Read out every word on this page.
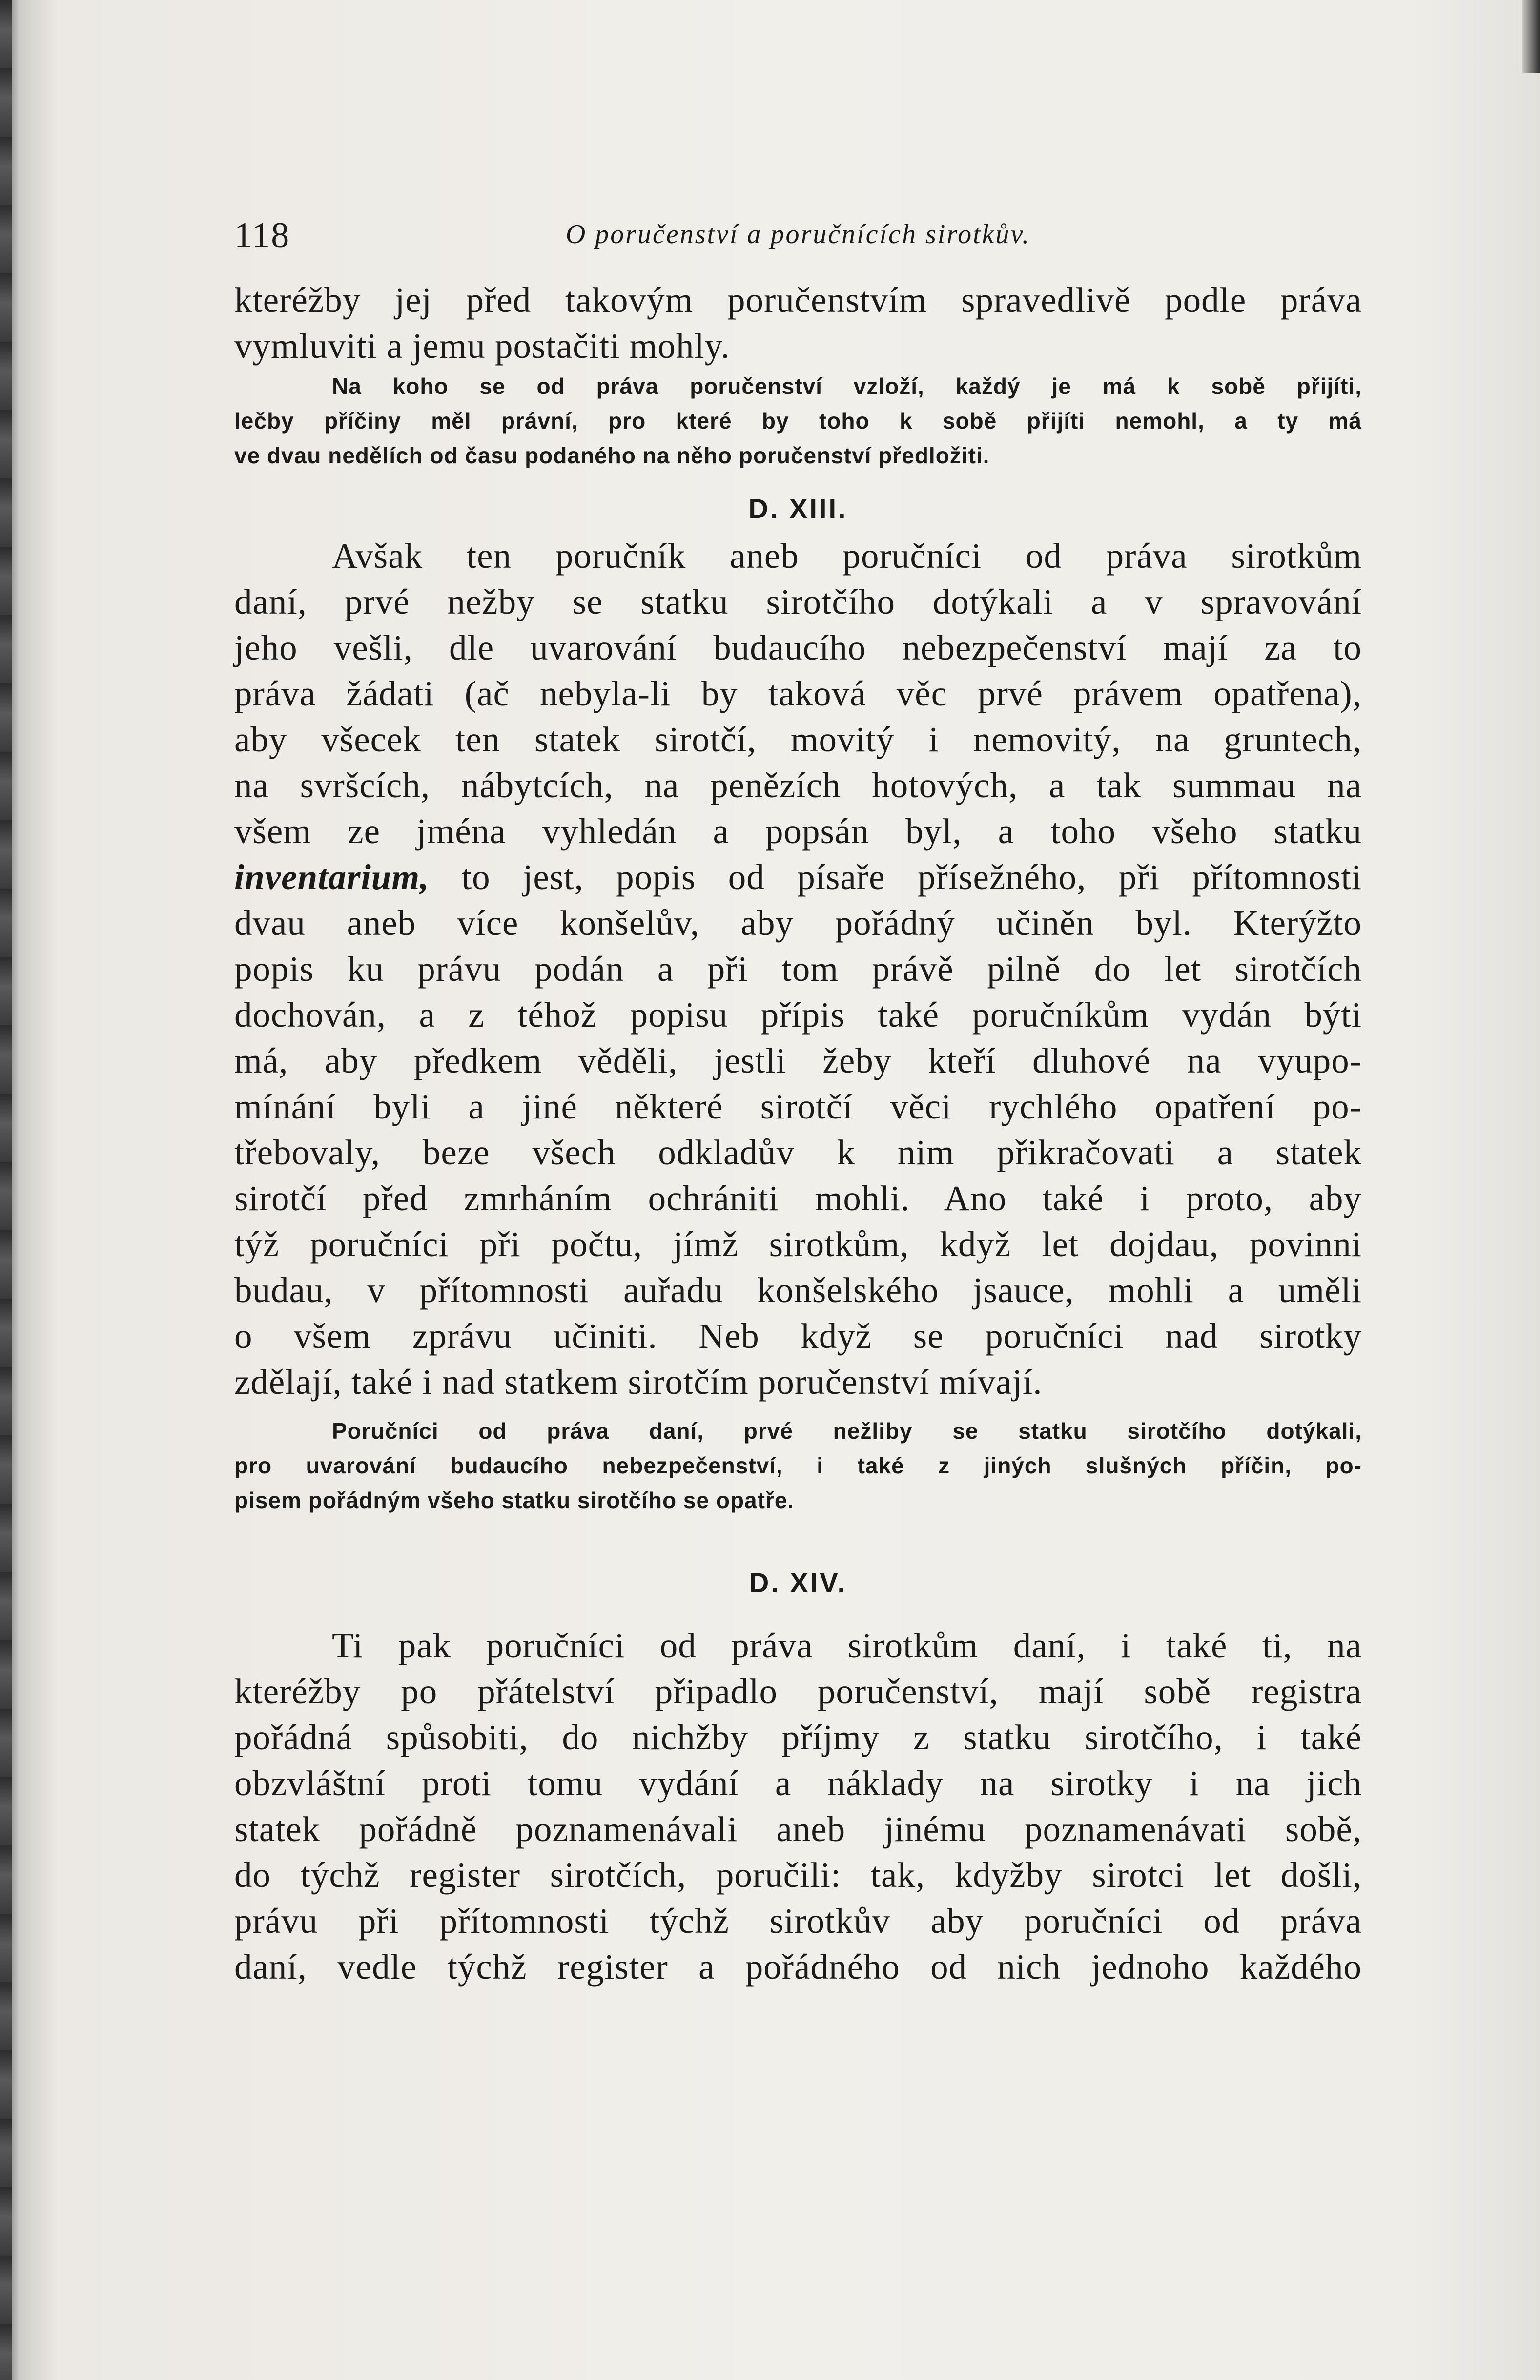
118	O poručenství a poručnících sirotkův.
kteréžby jej před takovým poručenstvím spravedlivě podle práva
vymluviti a jemu postačiti mohly.
Na koho se od práva poručenství vzloží, každý je má k sobě přijíti,
lečby příčiny měl právní, pro které by toho k sobě přijíti nemohl, a ty má
ve dvau nedělích od času podaného na něho poručenství předložiti.
D. XIII.
Avšak ten poručník aneb poručníci od práva sirotkům
daní, prvé nežby se statku sirotčího dotýkali a v spravování
jeho vešli, dle uvarování budaucího nebezpečenství mají za to
práva žádati (ač nebyla-li by taková věc prvé právem opatřena),
aby všecek ten statek sirotčí, movitý i nemovitý, na gruntech,
na svršcích, nábytcích, na penězích hotových, a tak summau na
všem ze jména vyhledán a popsán byl, a toho všeho statku
inventarium, to jest, popis od písaře přísežného, při přítomnosti
dvau aneb více konšelův, aby pořádný učiněn byl. Kterýžto
popis ku právu podán a při tom právě pilně do let sirotčích
dochován, a z téhož popisu přípis také poručníkům vydán býti
má, aby předkem věděli, jestli žeby kteří dluhové na vyupo-
mínání byli a jiné některé sirotčí věci rychlého opatření po-
třebovaly, beze všech odkladův k nim přikračovati a statek
sirotčí před zmrháním ochrániti mohli. Ano také i proto, aby
týž poručníci při počtu, jímž sirotkům, když let dojdau, povinni
budau, v přítomnosti auřadu konšelského jsauce, mohli a uměli
o všem zprávu učiniti. Neb když se poručníci nad sirotky
zdělají, také i nad statkem sirotčím poručenství mívají.
Poručníci od práva daní, prvé nežliby se statku sirotčího dotýkali,
pro uvarování budaucího nebezpečenství, i také z jiných slušných příčin, po-
pisem pořádným všeho statku sirotčího se opatře.
D. XIV.
Ti pak poručníci od práva sirotkům daní, i také ti, na
kteréžby po přátelství připadlo poručenství, mají sobě registra
pořádná spůsobiti, do nichžby příjmy z statku sirotčího, i také
obzvláštní proti tomu vydání a náklady na sirotky i na jich
statek pořádně poznamenávali aneb jinému poznamenávati sobě,
do týchž register sirotčích, poručili: tak, kdyžby sirotci let došli,
právu při přítomnosti týchž sirotkův aby poručníci od práva
daní, vedle týchž register a pořádného od nich jednoho každého
